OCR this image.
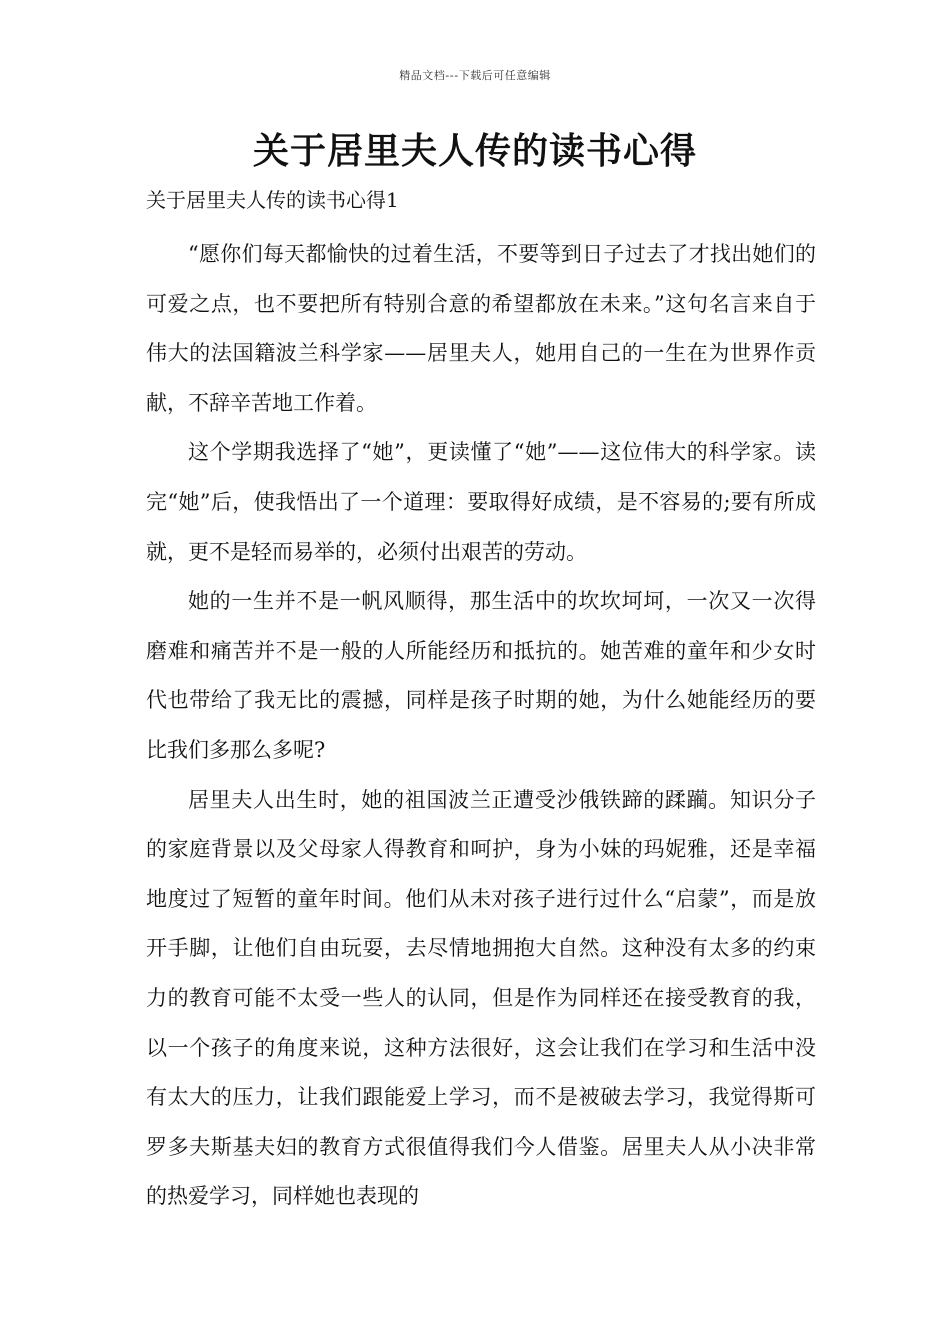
精品文档---下载后可任意编辑
关于居里夫人传的读书心得

关于居里夫人传的读书心得1

“愿你们每天都愉快的过着生活，不要等到日子过去了才找出她们的可爱之点，也不要把所有特别合意的希望都放在未来。”这句名言来自于伟大的法国籍波兰科学家——居里夫人，她用自己的一生在为世界作贡献，不辞辛苦地工作着。

这个学期我选择了“她”，更读懂了“她”——这位伟大的科学家。读完“她”后，使我悟出了一个道理：要取得好成绩，是不容易的;要有所成就，更不是轻而易举的，必须付出艰苦的劳动。

她的一生并不是一帆风顺得，那生活中的坎坎坷坷，一次又一次得磨难和痛苦并不是一般的人所能经历和抵抗的。她苦难的童年和少女时代也带给了我无比的震撼，同样是孩子时期的她，为什么她能经历的要比我们多那么多呢?

居里夫人出生时，她的祖国波兰正遭受沙俄铁蹄的蹂躏。知识分子的家庭背景以及父母家人得教育和呵护，身为小妹的玛妮雅，还是幸福地度过了短暂的童年时间。他们从未对孩子进行过什么“启蒙”，而是放开手脚，让他们自由玩耍，去尽情地拥抱大自然。这种没有太多的约束力的教育可能不太受一些人的认同，但是作为同样还在接受教育的我，以一个孩子的角度来说，这种方法很好，这会让我们在学习和生活中没有太大的压力，让我们跟能爱上学习，而不是被破去学习，我觉得斯可罗多夫斯基夫妇的教育方式很值得我们今人借鉴。居里夫人从小决非常的热爱学习，同样她也表现的
